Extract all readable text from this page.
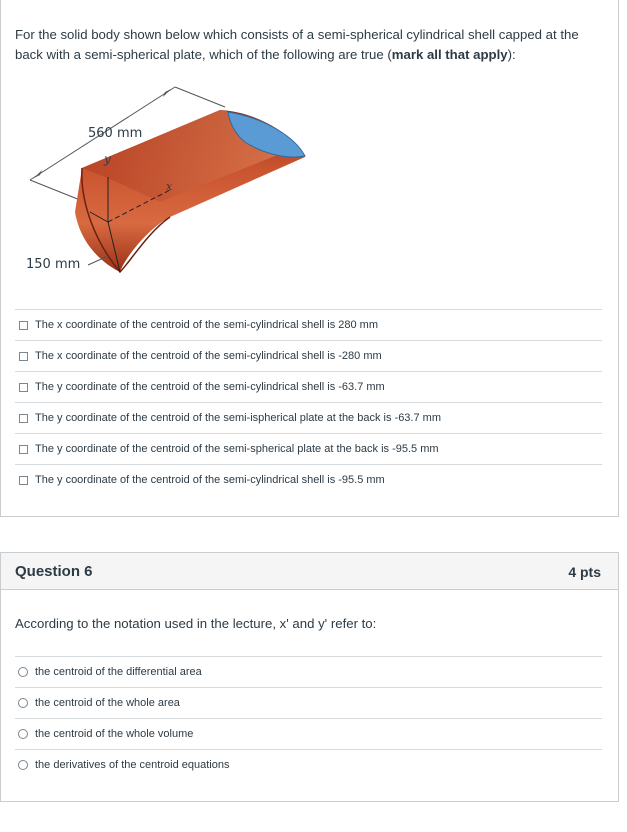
For the solid body shown below which consists of a semi-spherical cylindrical shell capped at the back with a semi-spherical plate, which of the following are true (mark all that apply):
560 mm
y
x
150 mm
The x coordinate of the centroid of the semi-cylindrical shell is 280 mm
The x coordinate of the centroid of the semi-cylindrical shell is -280 mm
The y coordinate of the centroid of the semi-cylindrical shell is -63.7 mm
The y coordinate of the centroid of the semi-ispherical plate at the back is -63.7 mm
The y coordinate of the centroid of the semi-spherical plate at the back is -95.5 mm
The y coordinate of the centroid of the semi-cylindrical shell is -95.5 mm
Question 6	4 pts
According to the notation used in the lecture, x' and y' refer to:
the centroid of the differential area
the centroid of the whole area
the centroid of the whole volume
the derivatives of the centroid equations
